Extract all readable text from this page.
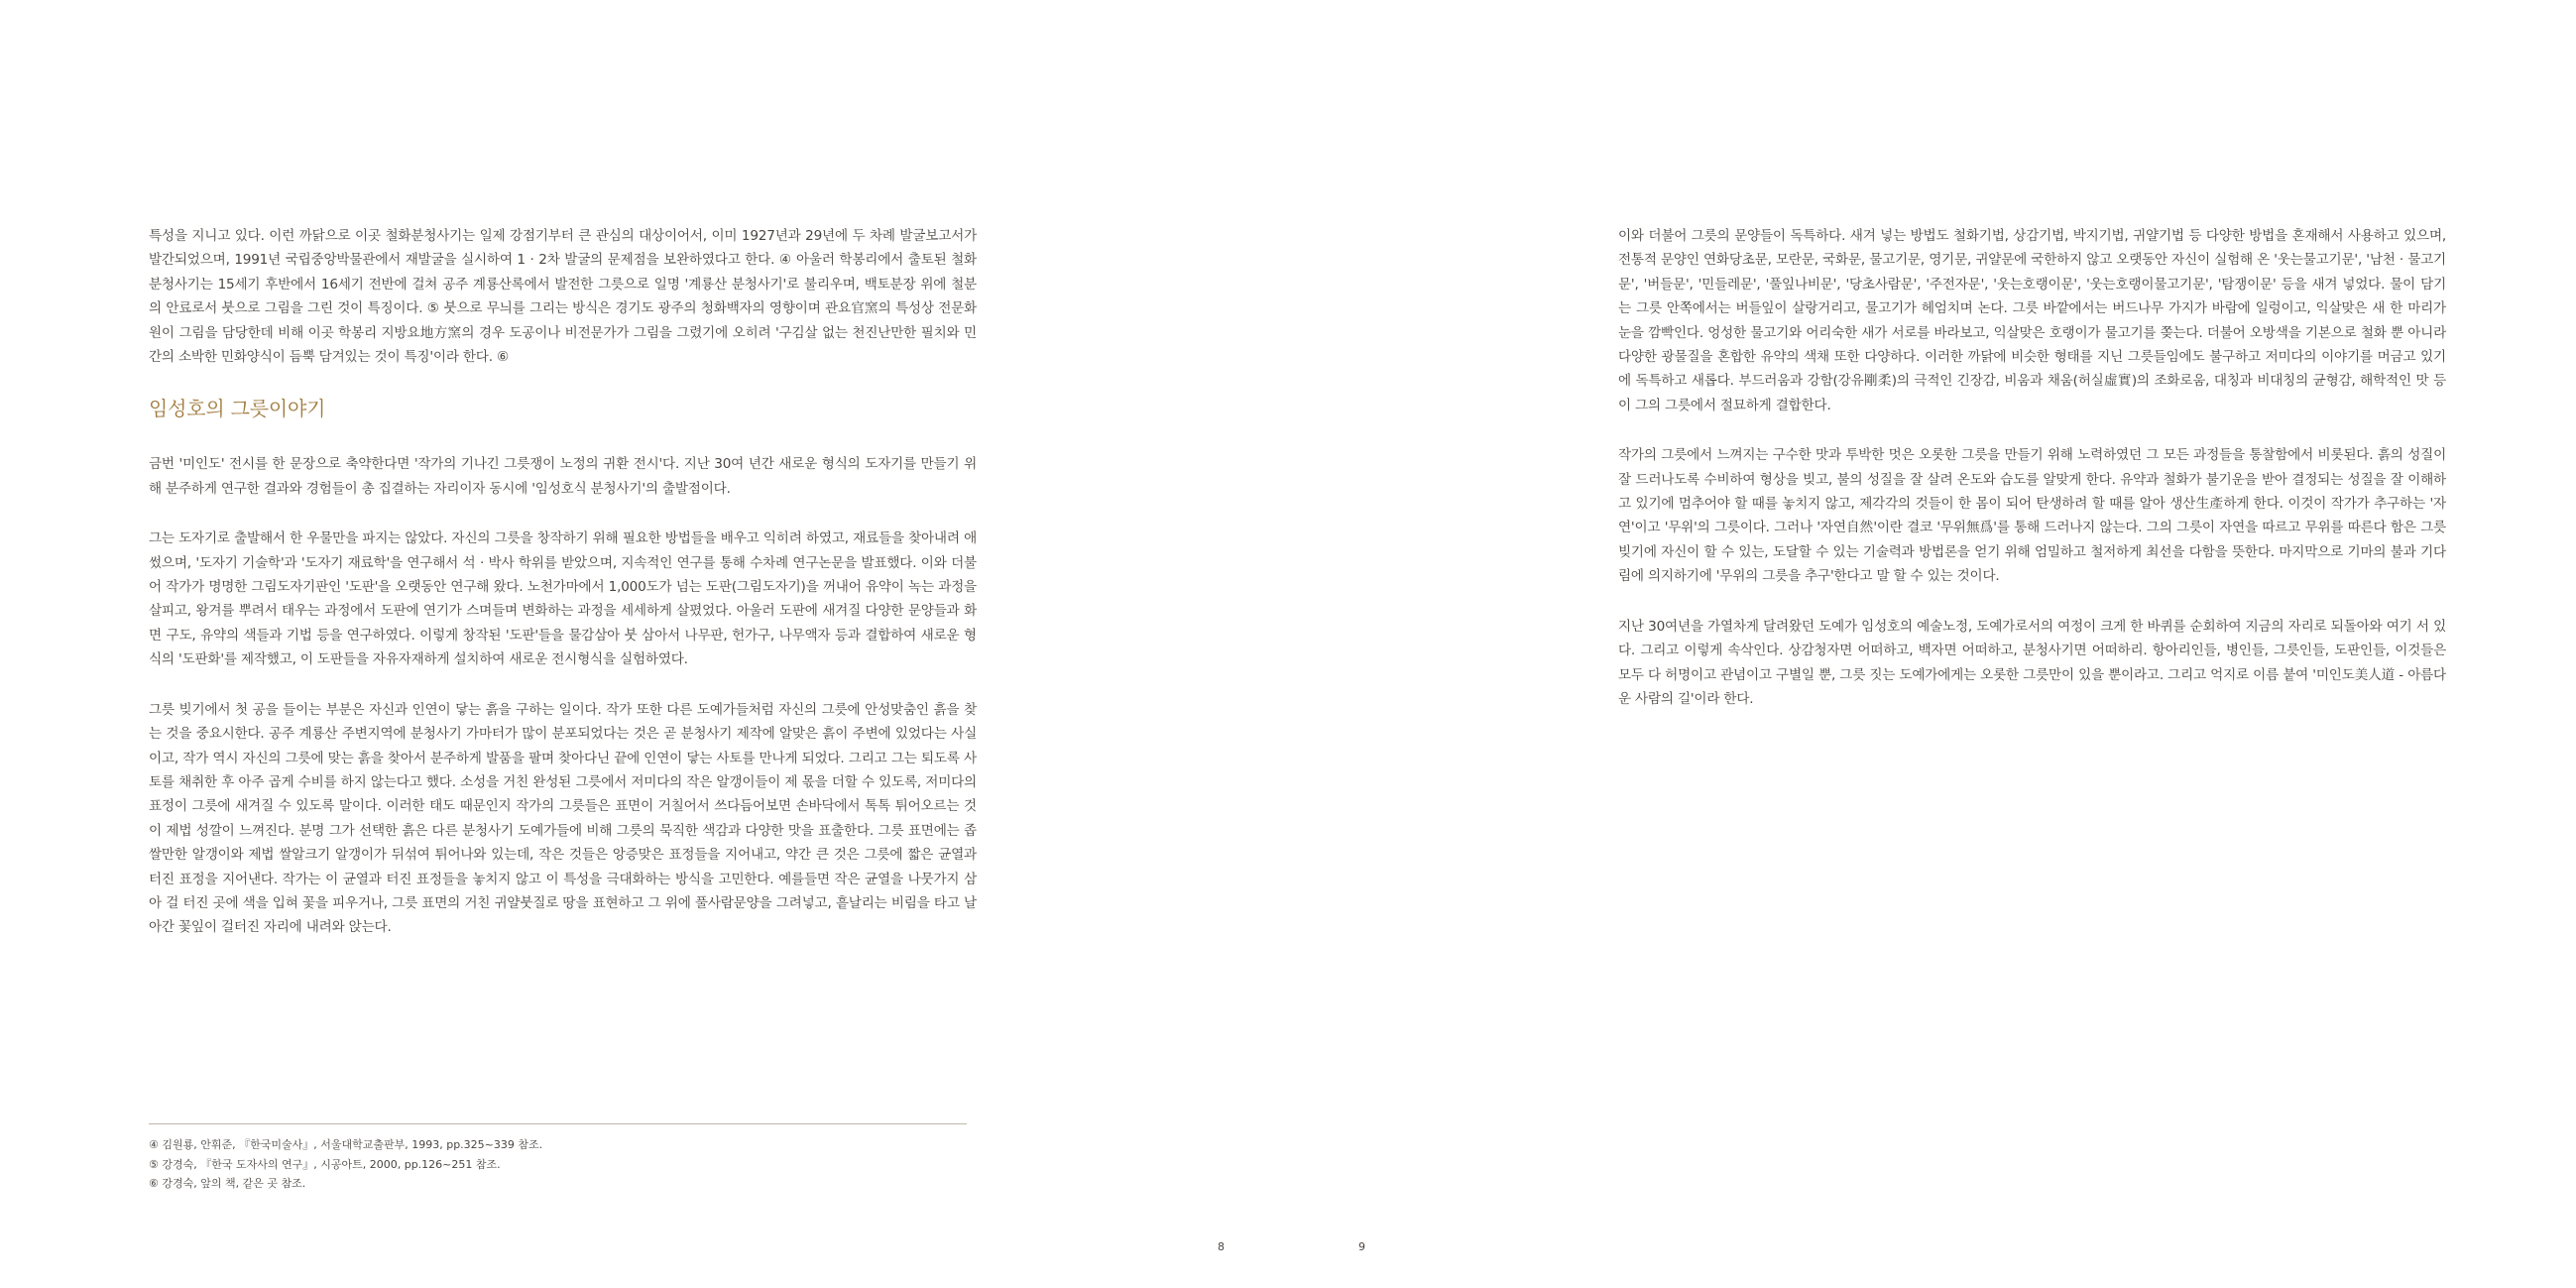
특성을 지니고 있다. 이런 까닭으로 이곳 철화분청사기는 일제 강점기부터 큰 관심의 대상이어서, 이미 1927년과 29년에 두 차례 발굴보고서가 발간되었으며, 1991년 국립중앙박물관에서 재발굴을 실시하여 1 · 2차 발굴의 문제점을 보완하였다고 한다. ④ 아울러 학봉리에서 출토된 철화분청사기는 15세기 후반에서 16세기 전반에 걸쳐 공주 계룡산록에서 발전한 그릇으로 일명 '계룡산 분청사기'로 불리우며, 백토분장 위에 철분의 안료로서 붓으로 그림을 그린 것이 특징이다. ⑤ 붓으로 무늬를 그리는 방식은 경기도 광주의 청화백자의 영향이며 관요官窯의 특성상 전문화원이 그림을 담당한데 비해 이곳 학봉리 지방요地方窯의 경우 도공이나 비전문가가 그림을 그렸기에 오히려 '구김살 없는 천진난만한 필치와 민간의 소박한 민화양식이 듬뿍 담겨있는 것이 특징'이라 한다. ⑥

임성호의 그릇이야기

금번 '미인도' 전시를 한 문장으로 축약한다면 '작가의 기나긴 그릇쟁이 노정의 귀환 전시'다. 지난 30여 년간 새로운 형식의 도자기를 만들기 위해 분주하게 연구한 결과와 경험들이 총 집결하는 자리이자 동시에 '임성호식 분청사기'의 출발점이다.

그는 도자기로 출발해서 한 우물만을 파지는 않았다. 자신의 그릇을 창작하기 위해 필요한 방법들을 배우고 익히려 하였고, 재료들을 찾아내려 애썼으며, '도자기 기술학'과 '도자기 재료학'을 연구해서 석 · 박사 학위를 받았으며, 지속적인 연구를 통해 수차례 연구논문을 발표했다. 이와 더불어 작가가 명명한 그림도자기판인 '도판'을 오랫동안 연구해 왔다. 노천가마에서 1,000도가 넘는 도판(그림도자기)을 꺼내어 유약이 녹는 과정을 살피고, 왕겨를 뿌려서 태우는 과정에서 도판에 연기가 스며들며 변화하는 과정을 세세하게 살폈었다. 아울러 도판에 새겨질 다양한 문양들과 화면 구도, 유약의 색들과 기법 등을 연구하였다. 이렇게 창작된 '도판'들을 물감삼아 붓 삼아서 나무판, 헌가구, 나무액자 등과 결합하여 새로운 형식의 '도판화'를 제작했고, 이 도판들을 자유자재하게 설치하여 새로운 전시형식을 실험하였다.

그릇 빚기에서 첫 공을 들이는 부분은 자신과 인연이 닿는 흙을 구하는 일이다. 작가 또한 다른 도예가들처럼 자신의 그릇에 안성맞춤인 흙을 찾는 것을 중요시한다. 공주 계룡산 주변지역에 분청사기 가마터가 많이 분포되었다는 것은 곧 분청사기 제작에 알맞은 흙이 주변에 있었다는 사실이고, 작가 역시 자신의 그릇에 맞는 흙을 찾아서 분주하게 발품을 팔며 찾아다닌 끝에 인연이 닿는 사토를 만나게 되었다. 그리고 그는 퇴도록 사토를 채취한 후 아주 곱게 수비를 하지 않는다고 했다. 소성을 거친 완성된 그릇에서 저미다의 작은 알갱이들이 제 몫을 더할 수 있도록, 저미다의 표정이 그릇에 새겨질 수 있도록 말이다. 이러한 태도 때문인지 작가의 그릇들은 표면이 거칠어서 쓰다듬어보면 손바닥에서 톡톡 튀어오르는 것이 제법 성깔이 느껴진다. 분명 그가 선택한 흙은 다른 분청사기 도예가들에 비해 그릇의 묵직한 색감과 다양한 맛을 표출한다. 그릇 표면에는 좁쌀만한 알갱이와 제법 쌀알크기 알갱이가 뒤섞여 튀어나와 있는데, 작은 것들은 앙증맞은 표정들을 지어내고, 약간 큰 것은 그릇에 짧은 균열과 터진 표정을 지어낸다. 작가는 이 균열과 터진 표정들을 놓치지 않고 이 특성을 극대화하는 방식을 고민한다. 예를들면 작은 균열을 나뭇가지 삼아 걸 터진 곳에 색을 입혀 꽃을 피우거나, 그릇 표면의 거친 귀얄붓질로 땅을 표현하고 그 위에 풀사람문양을 그려넣고, 흩날리는 비림을 타고 날아간 꽃잎이 걸터진 자리에 내려와 앉는다.

④ 김원룡, 안휘준, 『한국미술사』, 서울대학교출판부, 1993, pp.325~339 참조.
⑤ 강경숙, 『한국 도자사의 연구』, 시공아트, 2000, pp.126~251 참조.
⑥ 강경숙, 앞의 책, 같은 곳 참조.

이와 더불어 그릇의 문양들이 독특하다. 새겨 넣는 방법도 철화기법, 상감기법, 박지기법, 귀얄기법 등 다양한 방법을 혼재해서 사용하고 있으며, 전통적 문양인 연화당초문, 모란문, 국화문, 물고기문, 영기문, 귀얄문에 국한하지 않고 오랫동안 자신이 실험해 온 '웃는물고기문', '남천 · 물고기문', '버들문', '민들레문', '풀잎나비문', '당초사람문', '주전자문', '웃는호랭이문', '웃는호랭이물고기문', '탐쟁이문' 등을 새겨 넣었다. 물이 담기는 그릇 안쪽에서는 버들잎이 살랑거리고, 물고기가 헤엄치며 논다. 그릇 바깥에서는 버드나무 가지가 바람에 일렁이고, 익살맞은 새 한 마리가 눈을 깜빡인다. 엉성한 물고기와 어리숙한 새가 서로를 바라보고, 익살맞은 호랭이가 물고기를 쫒는다. 더불어 오방색을 기본으로 철화 뿐 아니라 다양한 광물질을 혼합한 유약의 색채 또한 다양하다. 이러한 까닭에 비슷한 형태를 지닌 그릇들임에도 불구하고 저미다의 이야기를 머금고 있기에 독특하고 새롭다. 부드러움과 강함(강유剛柔)의 극적인 긴장감, 비움과 채움(허실虛實)의 조화로움, 대칭과 비대칭의 균형감, 해학적인 맛 등이 그의 그릇에서 절묘하게 결합한다.

작가의 그릇에서 느껴지는 구수한 맛과 투박한 멋은 오롯한 그릇을 만들기 위해 노력하였던 그 모든 과정들을 통찰함에서 비롯된다. 흙의 성질이 잘 드러나도록 수비하여 형상을 빚고, 불의 성질을 잘 살려 온도와 습도를 알맞게 한다. 유약과 철화가 불기운을 받아 결정되는 성질을 잘 이해하고 있기에 멈추어야 할 때를 놓치지 않고, 제각각의 것들이 한 몸이 되어 탄생하려 할 때를 알아 생산生產하게 한다. 이것이 작가가 추구하는 '자연'이고 '무위'의 그릇이다. 그러나 '자연自然'이란 결코 '무위無爲'를 통해 드러나지 않는다. 그의 그릇이 자연을 따르고 무위를 따른다 함은 그릇 빚기에 자신이 할 수 있는, 도달할 수 있는 기술력과 방법론을 얻기 위해 엄밀하고 철저하게 최선을 다함을 뜻한다. 마지막으로 기마의 불과 기다림에 의지하기에 '무위의 그릇을 추구'한다고 말 할 수 있는 것이다.

지난 30여년을 가열차게 달려왔던 도예가 임성호의 예술노정, 도예가로서의 여정이 크게 한 바퀴를 순회하여 지금의 자리로 되돌아와 여기 서 있다. 그리고 이렇게 속삭인다. 상감청자면 어떠하고, 백자면 어떠하고, 분청사기면 어떠하리. 항아리인들, 병인들, 그릇인들, 도판인들, 이것들은 모두 다 허명이고 관념이고 구별일 뿐, 그릇 짓는 도예가에게는 오롯한 그릇만이 있을 뿐이라고. 그리고 억지로 이름 붙여 '미인도美人道 - 아름다운 사람의 길'이라 한다.

8	9
